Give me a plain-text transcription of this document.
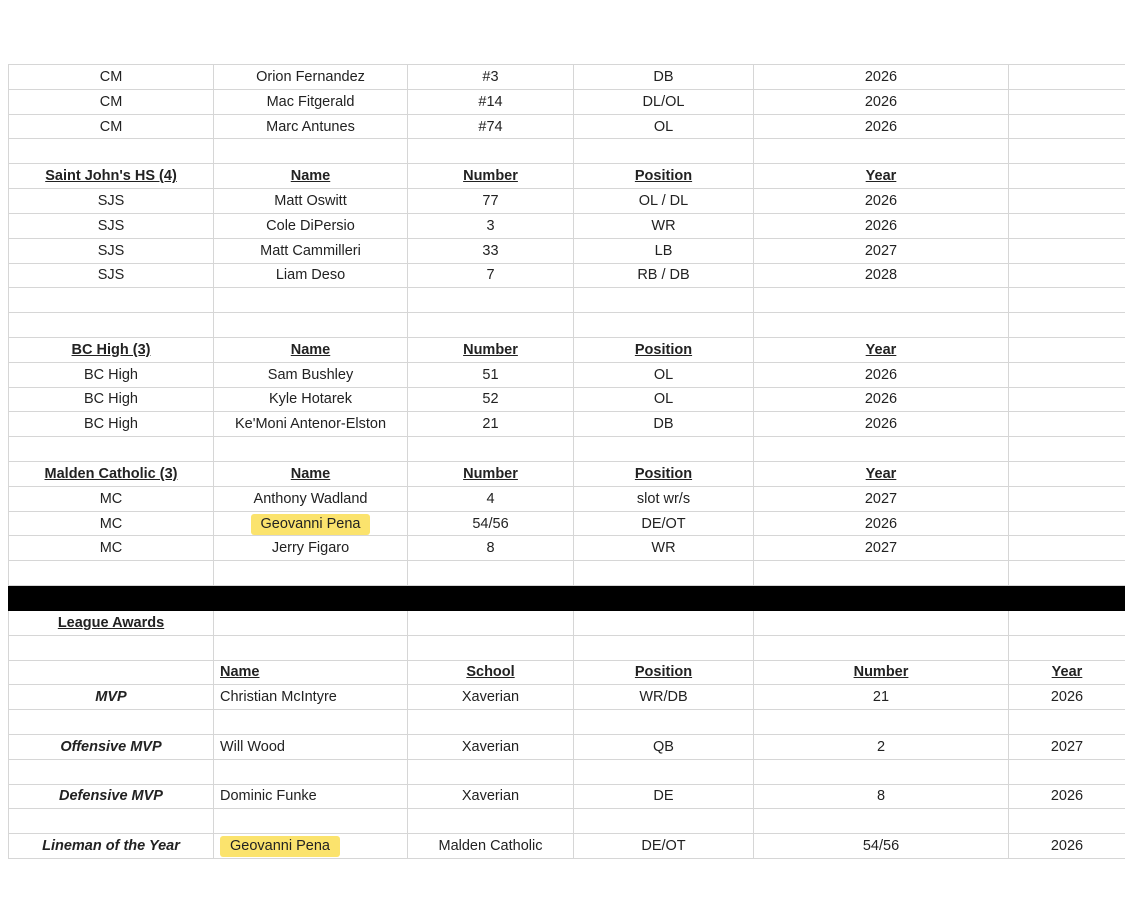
CM	Orion Fernandez	#3	DB	2026	
CM	Mac Fitgerald	#14	DL/OL	2026	
CM	Marc Antunes	#74	OL	2026	

Saint John's HS (4)	Name	Number	Position	Year	
SJS	Matt Oswitt	77	OL / DL	2026	
SJS	Cole DiPersio	3	WR	2026	
SJS	Matt Cammilleri	33	LB	2027	
SJS	Liam Deso	7	RB / DB	2028	

BC High (3)	Name	Number	Position	Year	
BC High	Sam Bushley	51	OL	2026	
BC High	Kyle Hotarek	52	OL	2026	
BC High	Ke'Moni Antenor-Elston	21	DB	2026	

Malden Catholic (3)	Name	Number	Position	Year	
MC	Anthony Wadland	4	slot wr/s	2027	
MC	Geovanni Pena	54/56	DE/OT	2026	
MC	Jerry Figaro	8	WR	2027	

League Awards					

	Name	School	Position	Number	Year
MVP	Christian McIntyre	Xaverian	WR/DB	21	2026

Offensive MVP	Will Wood	Xaverian	QB	2	2027

Defensive MVP	Dominic Funke	Xaverian	DE	8	2026

Lineman of the Year	Geovanni Pena	Malden Catholic	DE/OT	54/56	2026
